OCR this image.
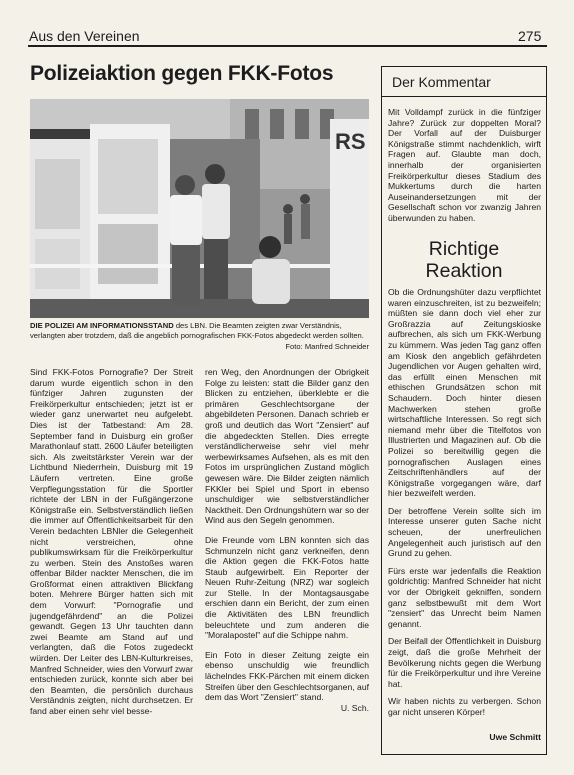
Aus den Vereinen	275
Polizeiaktion gegen FKK-Fotos
RS
DIE POLIZEI AM INFORMATIONSSTAND des LBN. Die Beamten zeigten zwar Verständnis, verlangten aber trotzdem, daß die angeblich pornografischen FKK-Fotos abgedeckt werden sollten.
Foto: Manfred Schneider

Sind FKK-Fotos Pornografie? Der Streit darum wurde eigentlich schon in den fünfziger Jahren zugunsten der Freikörperkultur entschieden; jetzt ist er wieder ganz unerwartet neu aufgelebt. Dies ist der Tatbestand: Am 28. September fand in Duisburg ein großer Marathonlauf statt. 2600 Läufer beteiligten sich. Als zweitstärkster Verein war der Lichtbund Niederrhein, Duisburg mit 19 Läufern vertreten. Eine große Verpflegungsstation für die Sportler richtete der LBN in der Fußgängerzone Königstraße ein. Selbstverständlich ließen die immer auf Öffentlichkeitsarbeit für den Verein bedachten LBNler die Gelegenheit nicht verstreichen, ohne publikumswirksam für die Freikörperkultur zu werben. Stein des Anstoßes waren offenbar Bilder nackter Menschen, die im Großformat einen attraktiven Blickfang boten. Mehrere Bürger hatten sich mit dem Vorwurf: "Pornografie und jugendgefährdend" an die Polizei gewandt. Gegen 13 Uhr tauchten dann zwei Beamte am Stand auf und verlangten, daß die Fotos zugedeckt würden. Der Leiter des LBN-Kulturkreises, Manfred Schneider, wies den Vorwurf zwar entschieden zurück, konnte sich aber bei den Beamten, die persönlich durchaus Verständnis zeigten, nicht durchsetzen. Er fand aber einen sehr viel besse-

ren Weg, den Anordnungen der Obrigkeit Folge zu leisten: statt die Bilder ganz den Blicken zu entziehen, überklebte er die primären Geschlechtsorgane der abgebildeten Personen. Danach schrieb er groß und deutlich das Wort "Zensiert" auf die abgedeckten Stellen. Dies erregte verständlicherweise sehr viel mehr werbewirksames Aufsehen, als es mit den Fotos im ursprünglichen Zustand möglich gewesen wäre. Die Bilder zeigten nämlich FKKler bei Spiel und Sport in ebenso unschuldiger wie selbstverständlicher Nacktheit. Den Ordnungshütern war so der Wind aus den Segeln genommen.

Die Freunde vom LBN konnten sich das Schmunzeln nicht ganz verkneifen, denn die Aktion gegen die FKK-Fotos hatte Staub aufgewirbelt. Ein Reporter der Neuen Ruhr-Zeitung (NRZ) war sogleich zur Stelle. In der Montagsausgabe erschien dann ein Bericht, der zum einen die Aktivitäten des LBN freundlich beleuchtete und zum anderen die "Moralapostel" auf die Schippe nahm.

Ein Foto in dieser Zeitung zeigte ein ebenso unschuldig wie freundlich lächelndes FKK-Pärchen mit einem dicken Streifen über den Geschlechtsorganen, auf dem das Wort "Zensiert" stand.

U. Sch.

Der Kommentar
Mit Volldampf zurück in die fünfziger Jahre? Zurück zur doppelten Moral? Der Vorfall auf der Duisburger Königstraße stimmt nachdenklich, wirft Fragen auf. Glaubte man doch, innerhalb der organisierten Freikörperkultur dieses Stadium des Mukkertums durch die harten Auseinandersetzungen mit der Gesellschaft schon vor zwanzig Jahren überwunden zu haben.
Richtige
Reaktion

Ob die Ordnungshüter dazu verpflichtet waren einzuschreiten, ist zu bezweifeln; müßten sie dann doch viel eher zur Großrazzia auf Zeitungskioske aufbrechen, als sich um FKK-Werbung zu kümmern. Was jeden Tag ganz offen am Kiosk den angeblich gefährdeten Jugendlichen vor Augen gehalten wird, das erfüllt einen Menschen mit ethischen Grundsätzen schon mit Schaudern. Doch hinter diesen Machwerken stehen große wirtschaftliche Interessen. So regt sich niemand mehr über die Titelfotos von Illustrierten und Magazinen auf. Ob die Polizei so bereitwillig gegen die pornografischen Auslagen eines Zeitschriftenhändlers auf der Königstraße vorgegangen wäre, darf hier bezweifelt werden.

Der betroffene Verein sollte sich im Interesse unserer guten Sache nicht scheuen, der unerfreulichen Angelegenheit auch juristisch auf den Grund zu gehen.

Fürs erste war jedenfalls die Reaktion goldrichtig: Manfred Schneider hat nicht vor der Obrigkeit gekniffen, sondern ganz selbstbewußt mit dem Wort "zensiert" das Unrecht beim Namen genannt.

Der Beifall der Öffentlichkeit in Duisburg zeigt, daß die große Mehrheit der Bevölkerung nichts gegen die Werbung für die Freikörperkultur und ihre Vereine hat.

Wir haben nichts zu verbergen. Schon gar nicht unseren Körper!

Uwe Schmitt
